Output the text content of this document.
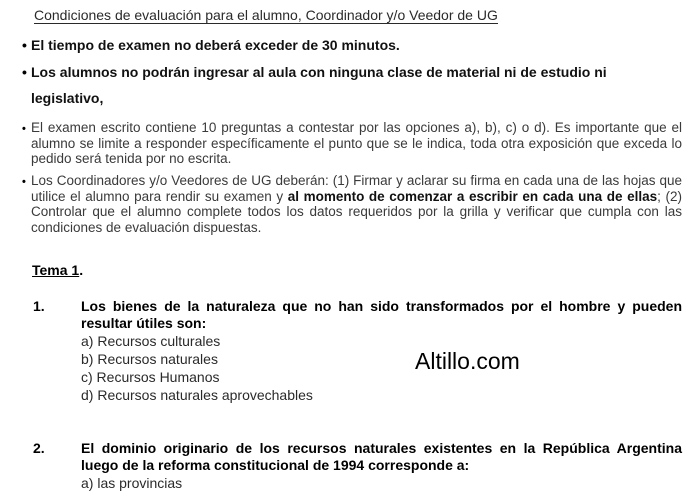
Condiciones de evaluación para el alumno, Coordinador y/o Veedor de UG
• El tiempo de examen no deberá exceder de 30 minutos.
• Los alumnos no podrán ingresar al aula con ninguna clase de material ni de estudio ni
legislativo,
• El examen escrito contiene 10 preguntas a contestar por las opciones a), b), c) o d). Es importante que el alumno se limite a responder específicamente el punto que se le indica, toda otra exposición que exceda lo pedido será tenida por no escrita.
• Los Coordinadores y/o Veedores de UG deberán: (1) Firmar y aclarar su firma en cada una de las hojas que utilice el alumno para rendir su examen y al momento de comenzar a escribir en cada una de ellas; (2) Controlar que el alumno complete todos los datos requeridos por la grilla y verificar que cumpla con las condiciones de evaluación dispuestas.
Tema 1.
1.	Los bienes de la naturaleza que no han sido transformados por el hombre y pueden resultar útiles son:
a) Recursos culturales
b) Recursos naturales
c) Recursos Humanos
d) Recursos naturales aprovechables
Altillo.com
2.	El dominio originario de los recursos naturales existentes en la República Argentina luego de la reforma constitucional de 1994 corresponde a:
a) las provincias
